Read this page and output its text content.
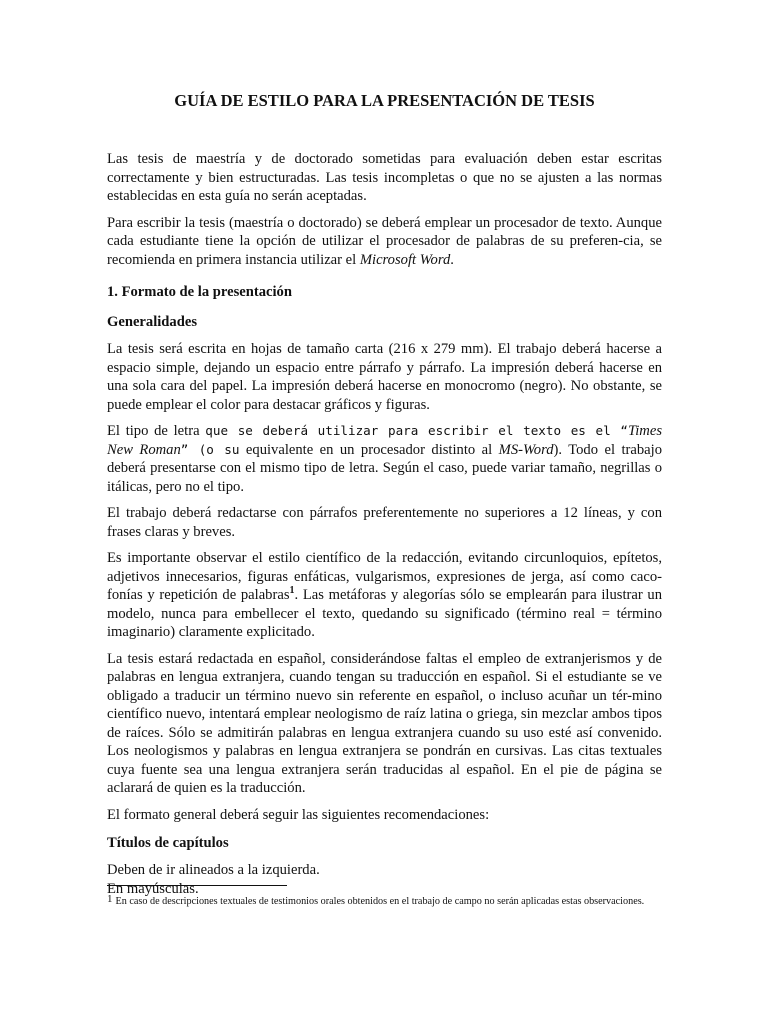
GUÍA DE ESTILO PARA LA PRESENTACIÓN DE TESIS

Las tesis de maestría y de doctorado sometidas para evaluación deben estar escritas correctamente y bien estructuradas. Las tesis incompletas o que no se ajusten a las normas establecidas en esta guía no serán aceptadas.

Para escribir la tesis (maestría o doctorado) se deberá emplear un procesador de texto. Aunque cada estudiante tiene la opción de utilizar el procesador de palabras de su preferen-cia, se recomienda en primera instancia utilizar el Microsoft Word.

1. Formato de la presentación
Generalidades

La tesis será escrita en hojas de tamaño carta (216 x 279 mm). El trabajo deberá hacerse a espacio simple, dejando un espacio entre párrafo y párrafo. La impresión deberá hacerse en una sola cara del papel. La impresión deberá hacerse en monocromo (negro). No obstante, se puede emplear el color para destacar gráficos y figuras.

El tipo de letra que se deberá utilizar para escribir el texto es el “Times New Roman” (o su equivalente en un procesador distinto al MS-Word). Todo el trabajo deberá presentarse con el mismo tipo de letra. Según el caso, puede variar tamaño, negrillas o itálicas, pero no el tipo.

El trabajo deberá redactarse con párrafos preferentemente no superiores a 12 líneas, y con frases claras y breves.

Es importante observar el estilo científico de la redacción, evitando circunloquios, epítetos, adjetivos innecesarios, figuras enfáticas, vulgarismos, expresiones de jerga, así como caco-fonías y repetición de palabras$^1$. Las metáforas y alegorías sólo se emplearán para ilustrar un modelo, nunca para embellecer el texto, quedando su significado (término real = término imaginario) claramente explicitado.

La tesis estará redactada en español, considerándose faltas el empleo de extranjerismos y de palabras en lengua extranjera, cuando tengan su traducción en español. Si el estudiante se ve obligado a traducir un término nuevo sin referente en español, o incluso acuñar un tér-mino científico nuevo, intentará emplear neologismo de raíz latina o griega, sin mezclar ambos tipos de raíces. Sólo se admitirán palabras en lengua extranjera cuando su uso esté así convenido. Los neologismos y palabras en lengua extranjera se pondrán en cursivas. Las citas textuales cuya fuente sea una lengua extranjera serán traducidas al español. En el pie de página se aclarará de quien es la traducción.

El formato general deberá seguir las siguientes recomendaciones:

Títulos de capítulos

Deben de ir alineados a la izquierda.
En mayúsculas.

$^1$ En caso de descripciones textuales de testimonios orales obtenidos en el trabajo de campo no serán aplicadas estas observaciones.
